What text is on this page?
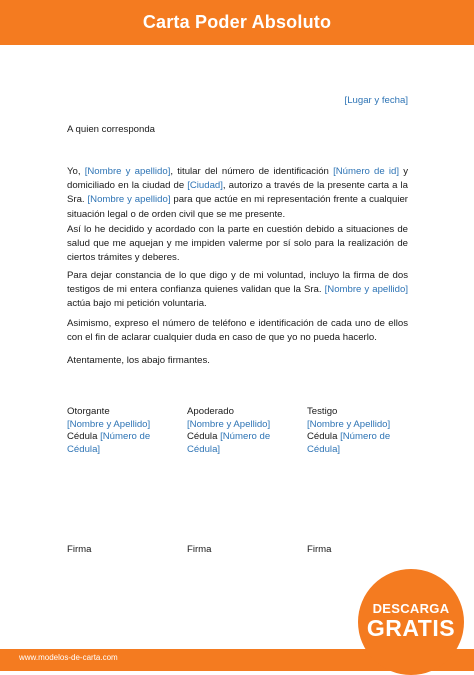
Carta Poder Absoluto
[Lugar y fecha]
A quien corresponda

Yo, [Nombre y apellido], titular del número de identificación [Número de id] y domiciliado en la ciudad de [Ciudad], autorizo a través de la presente carta a la Sra. [Nombre y apellido] para que actúe en mi representación frente a cualquier situación legal o de orden civil que se me presente.

Así lo he decidido y acordado con la parte en cuestión debido a situaciones de salud que me aquejan y me impiden valerme por sí solo para la realización de ciertos trámites y deberes.

Para dejar constancia de lo que digo y de mi voluntad, incluyo la firma de dos testigos de mi entera confianza quienes validan que la Sra. [Nombre y apellido] actúa bajo mi petición voluntaria.

Asimismo, expreso el número de teléfono e identificación de cada uno de ellos con el fin de aclarar cualquier duda en caso de que yo no pueda hacerlo.

Atentamente, los abajo firmantes.
Otorgante
[Nombre y Apellido]
Cédula [Número de
Cédula]
Apoderado
[Nombre y Apellido]
Cédula [Número de
Cédula]
Testigo
[Nombre y Apellido]
Cédula [Número de
Cédula]
Firma	Firma	Firma
www.modelos-de-carta.com
DESCARGA
GRATIS
